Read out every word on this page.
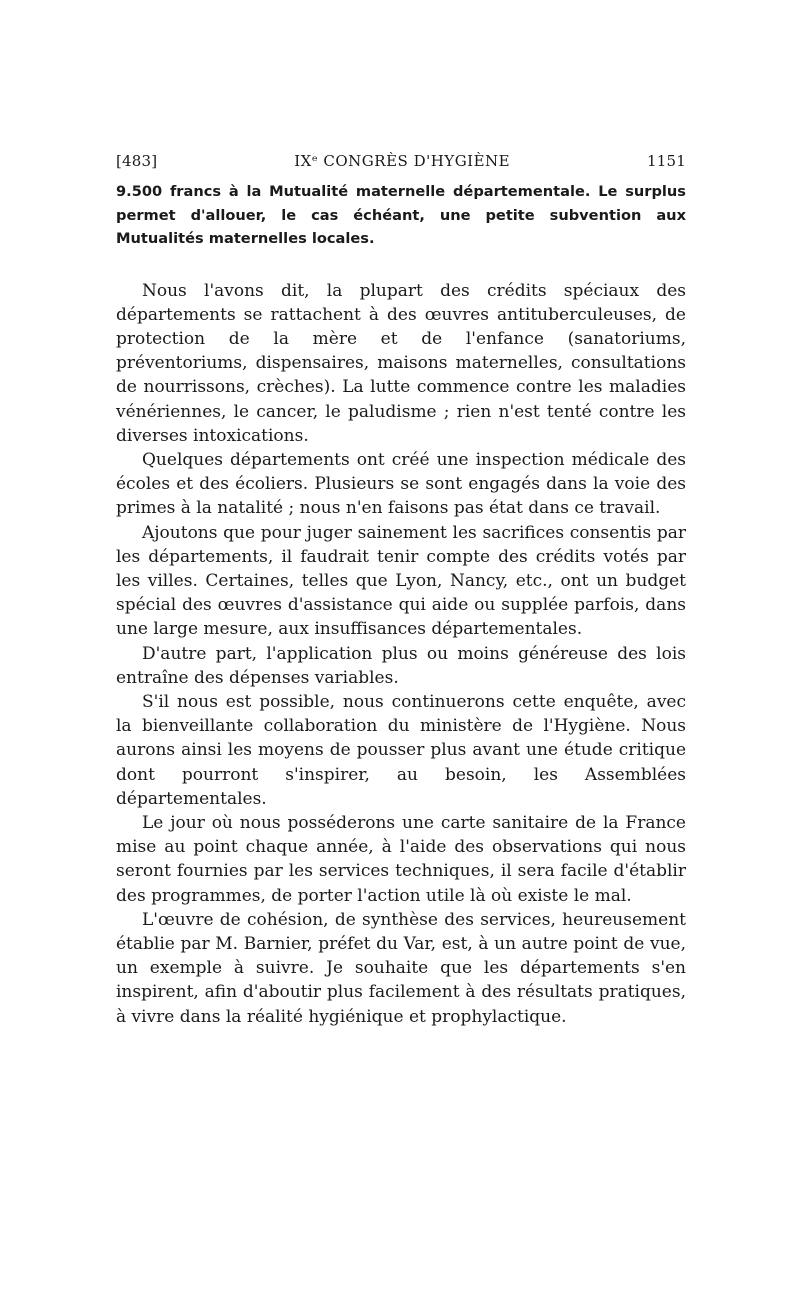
[483]	IXᵉ CONGRÈS D'HYGIÈNE	1151

9.500 francs à la Mutualité maternelle départementale. Le surplus permet d'allouer, le cas échéant, une petite subvention aux Mutualités maternelles locales.

Nous l'avons dit, la plupart des crédits spéciaux des départements se rattachent à des œuvres antituberculeuses, de protection de la mère et de l'enfance (sanatoriums, préventoriums, dispensaires, maisons maternelles, consultations de nourrissons, crèches). La lutte commence contre les maladies vénériennes, le cancer, le paludisme ; rien n'est tenté contre les diverses intoxications.

Quelques départements ont créé une inspection médicale des écoles et des écoliers. Plusieurs se sont engagés dans la voie des primes à la natalité ; nous n'en faisons pas état dans ce travail.

Ajoutons que pour juger sainement les sacrifices consentis par les départements, il faudrait tenir compte des crédits votés par les villes. Certaines, telles que Lyon, Nancy, etc., ont un budget spécial des œuvres d'assistance qui aide ou supplée parfois, dans une large mesure, aux insuffisances départementales.

D'autre part, l'application plus ou moins généreuse des lois entraîne des dépenses variables.

S'il nous est possible, nous continuerons cette enquête, avec la bienveillante collaboration du ministère de l'Hygiène. Nous aurons ainsi les moyens de pousser plus avant une étude critique dont pourront s'inspirer, au besoin, les Assemblées départementales.

Le jour où nous posséderons une carte sanitaire de la France mise au point chaque année, à l'aide des observations qui nous seront fournies par les services techniques, il sera facile d'établir des programmes, de porter l'action utile là où existe le mal.

L'œuvre de cohésion, de synthèse des services, heureusement établie par M. Barnier, préfet du Var, est, à un autre point de vue, un exemple à suivre. Je souhaite que les départements s'en inspirent, afin d'aboutir plus facilement à des résultats pratiques, à vivre dans la réalité hygiénique et prophylactique.
